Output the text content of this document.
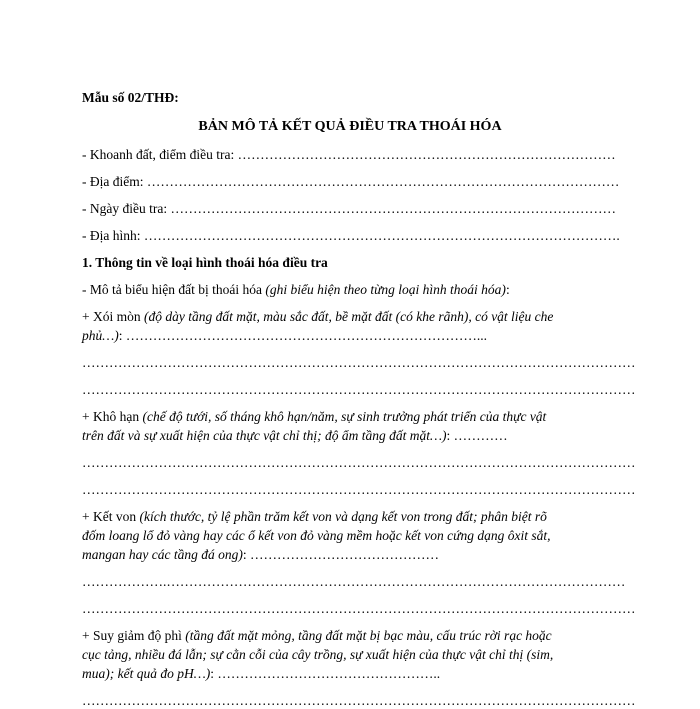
Mẫu số 02/THĐ:
BẢN MÔ TẢ KẾT QUẢ ĐIỀU TRA THOÁI HÓA
- Khoanh đất, điểm điều tra: …………………………………………………………………………
- Địa điểm: ……………………………………………………………………………………………
- Ngày điều tra: ………………………………………………………………………………………
- Địa hình: …………………………………………………………………………………………….
1. Thông tin về loại hình thoái hóa điều tra
- Mô tả biểu hiện đất bị thoái hóa (ghi biểu hiện theo từng loại hình thoái hóa):
+ Xói mòn (độ dày tầng đất mặt, màu sắc đất, bề mặt đất (có khe rãnh), có vật liệu che
phủ…): ……………………………………………………………………...
……………………………………………………………………………………………………………
……………………………………………………………………………………………………………
+ Khô hạn (chế độ tưới, số tháng khô hạn/năm, sự sinh trưởng phát triển của thực vật
trên đất và sự xuất hiện của thực vật chỉ thị; độ ẩm tầng đất mặt…): …………
……………………………………………………………………………………………………………
……………………………………………………………………………………………………………
+ Kết von (kích thước, tỷ lệ phần trăm kết von và dạng kết von trong đất; phân biệt rõ
đốm loang lổ đỏ vàng hay các ổ kết von đỏ vàng mềm hoặc kết von cứng dạng ôxit sắt,
mangan hay các tầng đá ong): ……………………………………
……………….…………………………………………………………………………………………
……………………………………………………………………………………………………………
+ Suy giảm độ phì (tầng đất mặt mỏng, tầng đất mặt bị bạc màu, cấu trúc rời rạc hoặc
cục tảng, nhiều đá lẫn; sự cằn cỗi của cây trồng, sự xuất hiện của thực vật chỉ thị (sim,
mua); kết quả đo pH…): …………………………………………..
……………………………………………………………………………………………………………
